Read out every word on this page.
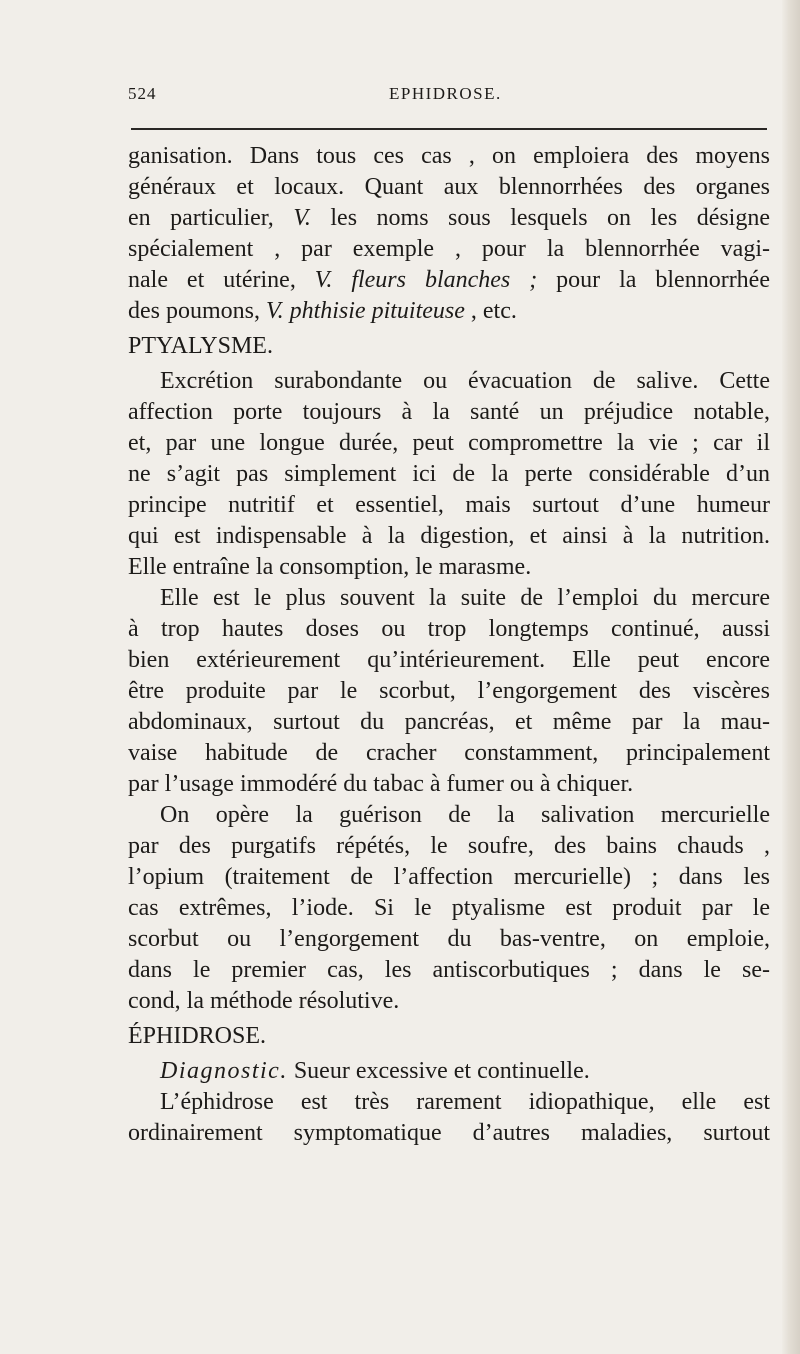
524	EPHIDROSE.

ganisation. Dans tous ces cas , on emploiera des moyens

généraux et locaux. Quant aux blennorrhées des organes

en particulier, V. les noms sous lesquels on les désigne

spécialement , par exemple , pour la blennorrhée vagi-

nale et utérine, V. fleurs blanches ; pour la blennorrhée

des poumons, V. phthisie pituiteuse , etc.

PTYALYSME.

Excrétion surabondante ou évacuation de salive. Cette

affection porte toujours à la santé un préjudice notable,

et, par une longue durée, peut compromettre la vie ; car il

ne s’agit pas simplement ici de la perte considérable d’un

principe nutritif et essentiel, mais surtout d’une humeur

qui est indispensable à la digestion, et ainsi à la nutrition.

Elle entraîne la consomption, le marasme.

Elle est le plus souvent la suite de l’emploi du mercure

à trop hautes doses ou trop longtemps continué, aussi

bien extérieurement qu’intérieurement. Elle peut encore

être produite par le scorbut, l’engorgement des viscères

abdominaux, surtout du pancréas, et même par la mau-

vaise habitude de cracher constamment, principalement

par l’usage immodéré du tabac à fumer ou à chiquer.

On opère la guérison de la salivation mercurielle

par des purgatifs répétés, le soufre, des bains chauds ,

l’opium (traitement de l’affection mercurielle) ; dans les

cas extrêmes, l’iode. Si le ptyalisme est produit par le

scorbut ou l’engorgement du bas-ventre, on emploie,

dans le premier cas, les antiscorbutiques ; dans le se-

cond, la méthode résolutive.

ÉPHIDROSE.

Diagnostic. Sueur excessive et continuelle.

L’éphidrose est très rarement idiopathique, elle est

ordinairement symptomatique d’autres maladies, surtout
